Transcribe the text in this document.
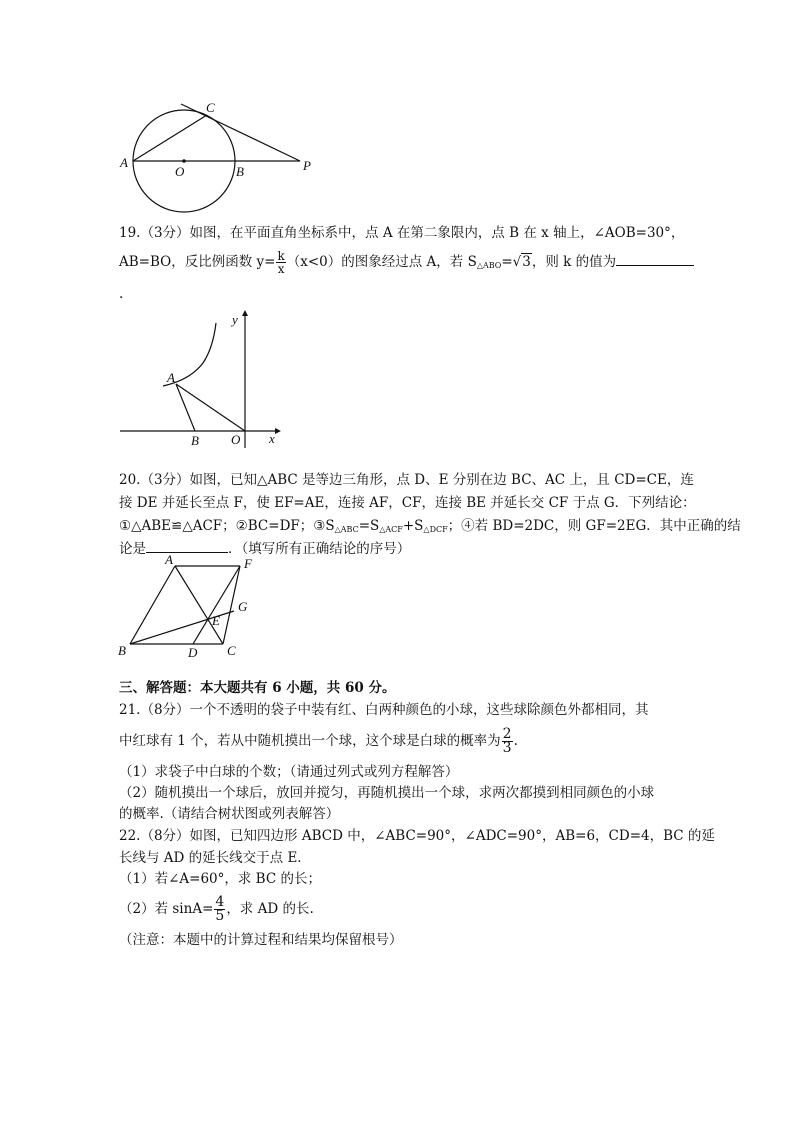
A
O	B
C
P
19.（3分）如图，在平面直角坐标系中，点 A 在第二象限内，点 B 在 x 轴上，∠AOB=30°，
AB=BO，反比例函数 $y= \frac{k}{x} (x<0)$的图象经过点 A，若 $S_{\triangle ABO}=√3$，则 k 的值为
.
y
A
B O x
20.（3分）如图，已知△ABC 是等边三角形，点 D、E 分别在边 BC、AC 上，且 CD=CE，连
接 DE 并延长至点 F，使 EF=AE，连接 AF，CF，连接 BE 并延长交 CF 于点 G．下列结论：
①△ABE≌△ACF；②BC=DF；$③S_{\triangle ABC}=S_{\triangle ACF}+S_{\triangle DCF}$；④若 BD=2DC，则 GF=2EG．其中正确的结
论是	．（填写所有正确结论的序号）
A	F
G
E
B	D C
三、解答题：本大题共有 6 小题，共 60 分。
21.（8分）一个不透明的袋子中装有红、白两种颜色的小球，这些球除颜色外都相同，其
中红球有 1 个，若从中随机摸出一个球，这个球是白球的概率为 $\frac{2}{3}$ .
（1）求袋子中白球的个数；（请通过列式或列方程解答）
（2）随机摸出一个球后，放回并搅匀，再随机摸出一个球，求两次都摸到相同颜色的小球
的概率.（请结合树状图或列表解答）
22.（8分）如图，已知四边形 ABCD 中，∠ABC=90°，∠ADC=90°，AB=6，CD=4，BC 的延
长线与 AD 的延长线交于点 E．
（1）若∠A=60°，求 BC 的长；
（2）若 $\sin A= \frac{4}{5}$ ，求 AD 的长.
（注意：本题中的计算过程和结果均保留根号）
